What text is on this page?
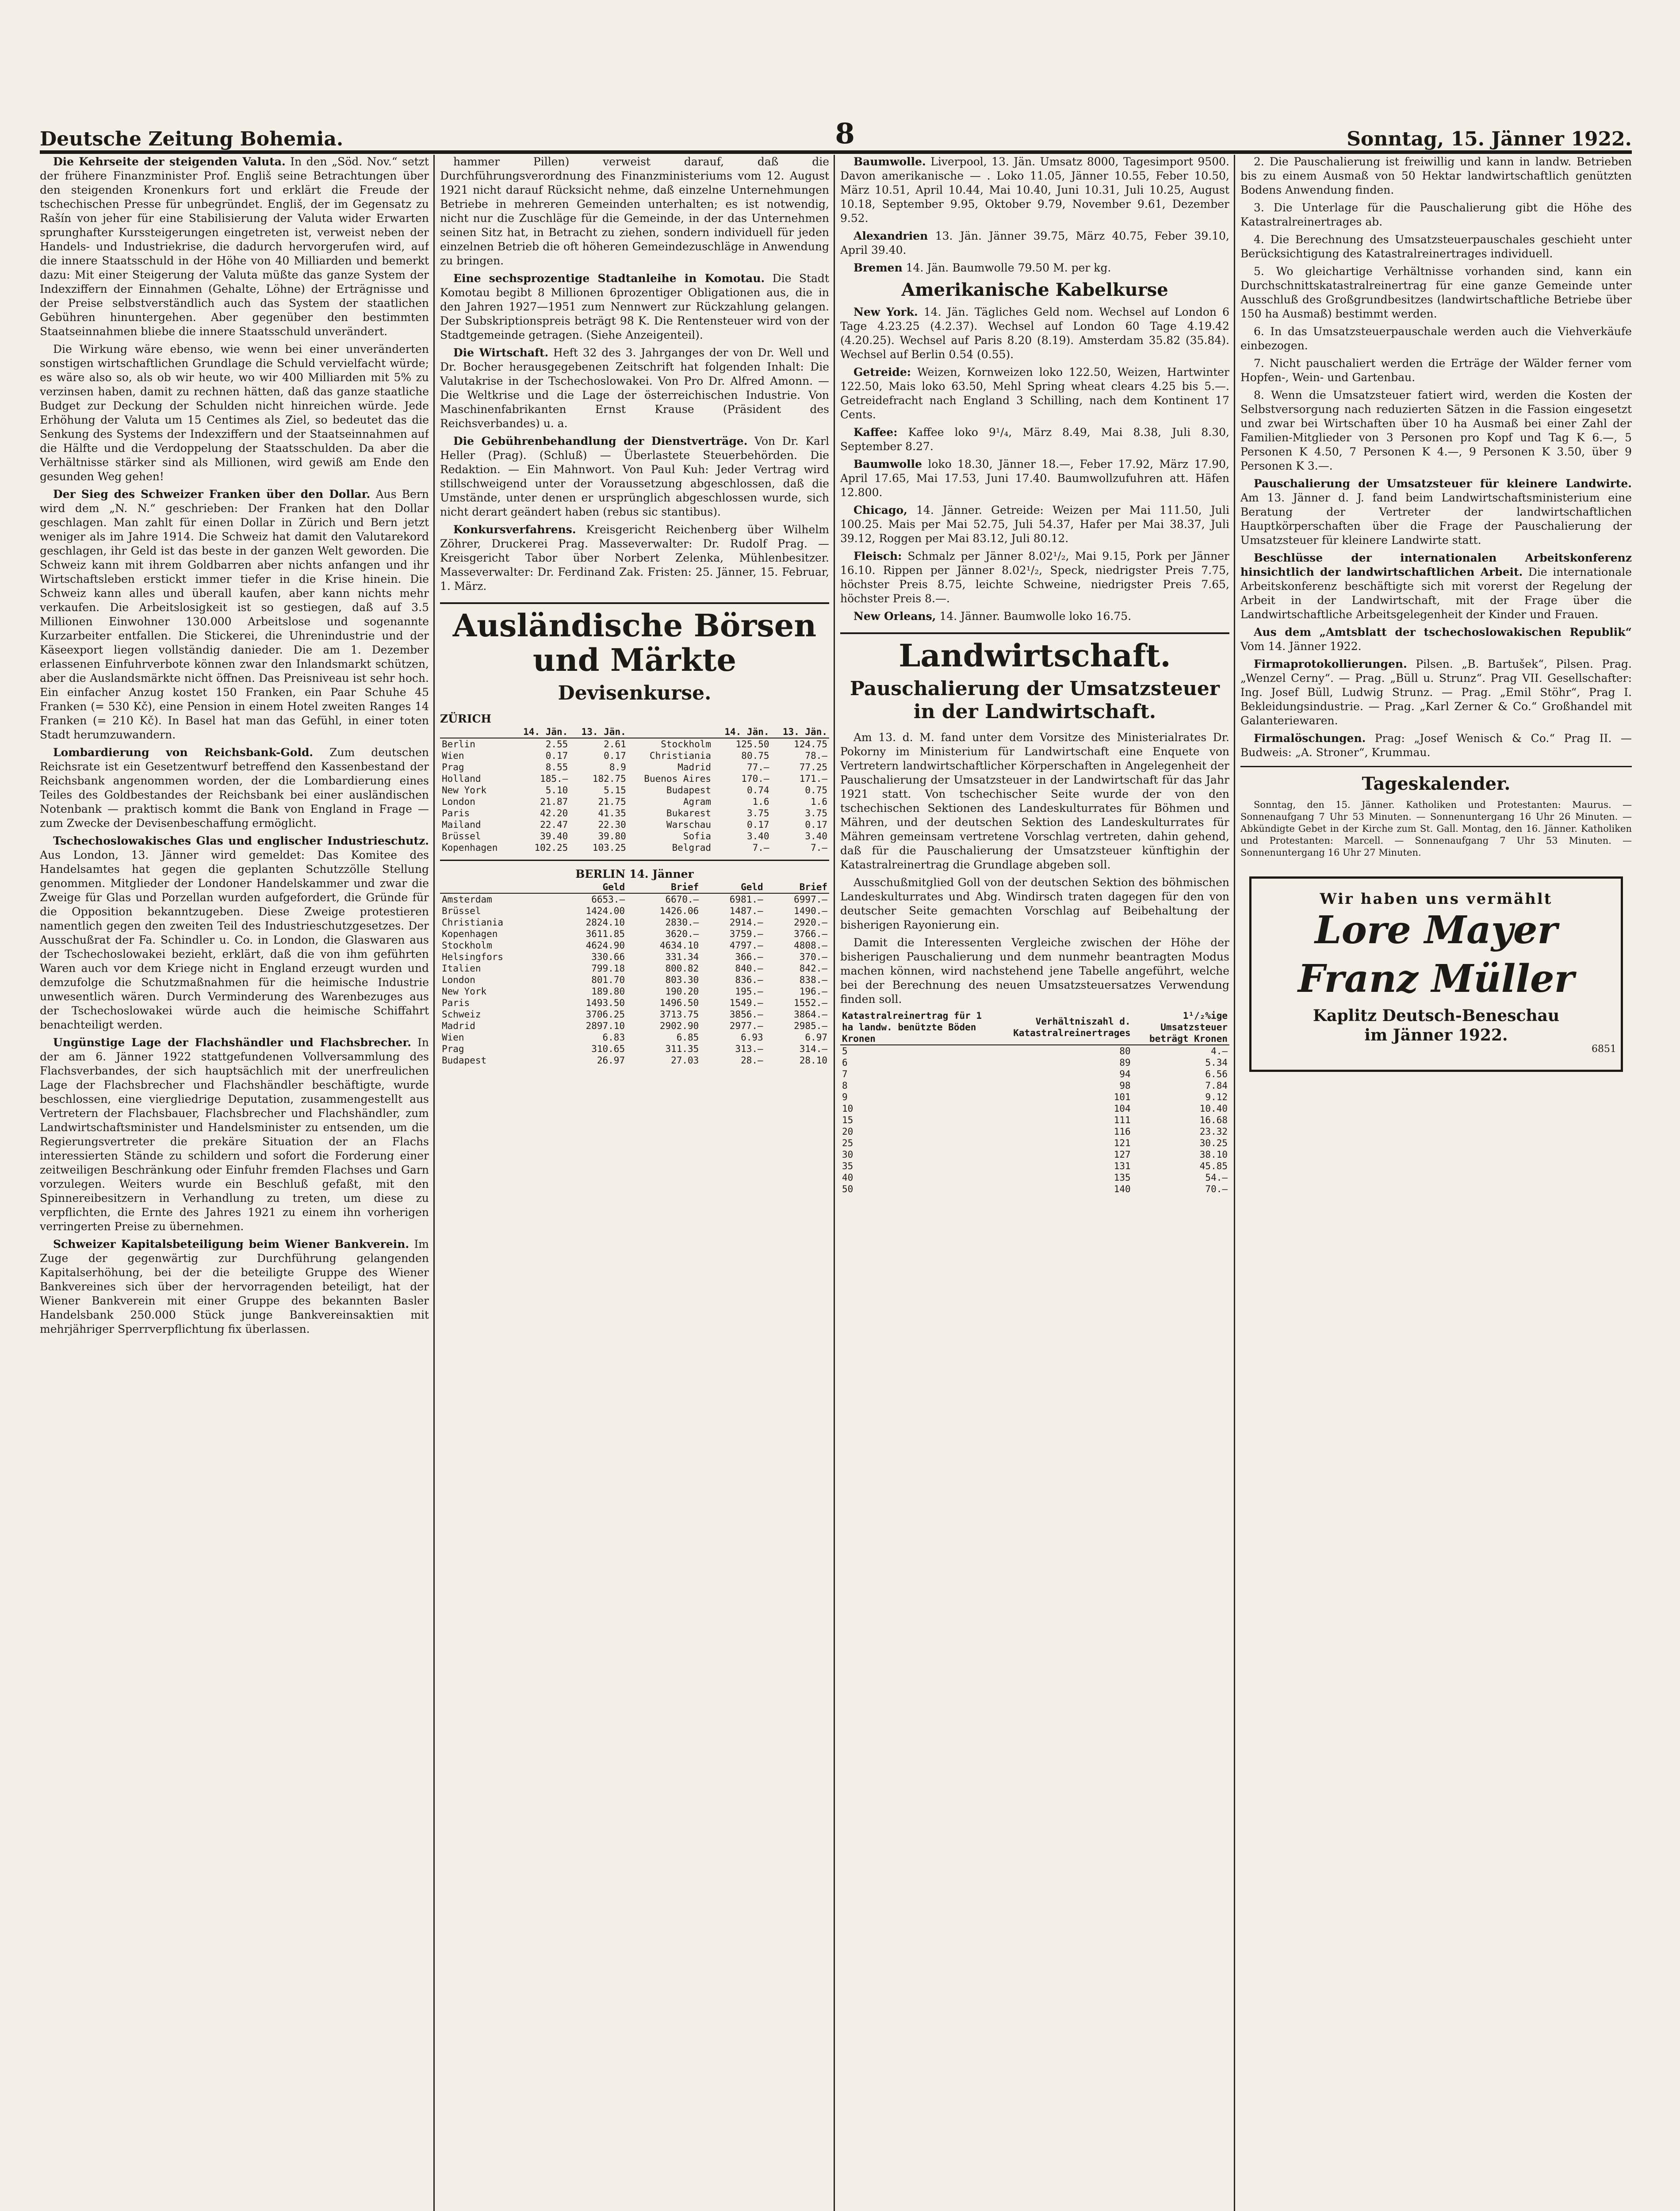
Deutsche Zeitung Bohemia.	8	Sonntag, 15. Jänner 1922.

Die Kehrseite der steigenden Valuta. In den „Söd. Nov.“ setzt der frühere Finanzminister Prof. Engliš seine Betrachtungen über den steigenden Kronenkurs fort und erklärt die Freude der tschechischen Presse für unbegründet. Engliš, der im Gegensatz zu Rašín von jeher für eine Stabilisierung der Valuta wider Erwarten sprunghafter Kurssteigerungen eingetreten ist, verweist neben der Handels- und Industriekrise, die dadurch hervorgerufen wird, auf die innere Staatsschuld in der Höhe von 40 Milliarden und bemerkt dazu: Mit einer Steigerung der Valuta müßte das ganze System der Indexziffern der Einnahmen (Gehalte, Löhne) der Erträgnisse und der Preise selbstverständlich auch das System der staatlichen Gebühren hinuntergehen. Aber gegenüber den bestimmten Staatseinnahmen bliebe die innere Staatsschuld unverändert.

Die Wirkung wäre ebenso, wie wenn bei einer unveränderten sonstigen wirtschaftlichen Grundlage die Schuld vervielfacht würde; es wäre also so, als ob wir heute, wo wir 400 Milliarden mit 5% zu verzinsen haben, damit zu rechnen hätten, daß das ganze staatliche Budget zur Deckung der Schulden nicht hinreichen würde. Jede Erhöhung der Valuta um 15 Centimes als Ziel, so bedeutet das die Senkung des Systems der Indexziffern und der Staatseinnahmen auf die Hälfte und die Verdoppelung der Staatsschulden. Da aber die Verhältnisse stärker sind als Millionen, wird gewiß am Ende den gesunden Weg gehen!

Der Sieg des Schweizer Franken über den Dollar. Aus Bern wird dem „N. N.“ geschrieben: Der Franken hat den Dollar geschlagen. Man zahlt für einen Dollar in Zürich und Bern jetzt weniger als im Jahre 1914. Die Schweiz hat damit den Valutarekord geschlagen, ihr Geld ist das beste in der ganzen Welt geworden. Die Schweiz kann mit ihrem Goldbarren aber nichts anfangen und ihr Wirtschaftsleben erstickt immer tiefer in die Krise hinein. Die Schweiz kann alles und überall kaufen, aber kann nichts mehr verkaufen. Die Arbeitslosigkeit ist so gestiegen, daß auf 3.5 Millionen Einwohner 130.000 Arbeitslose und sogenannte Kurzarbeiter entfallen. Die Stickerei, die Uhrenindustrie und der Käseexport liegen vollständig danieder. Die am 1. Dezember erlassenen Einfuhrverbote können zwar den Inlandsmarkt schützen, aber die Auslandsmärkte nicht öffnen. Das Preisniveau ist sehr hoch. Ein einfacher Anzug kostet 150 Franken, ein Paar Schuhe 45 Franken (= 530 Kč), eine Pension in einem Hotel zweiten Ranges 14 Franken (= 210 Kč). In Basel hat man das Gefühl, in einer toten Stadt herumzuwandern.

Lombardierung von Reichsbank-Gold. Zum deutschen Reichsrate ist ein Gesetzentwurf betreffend den Kassenbestand der Reichsbank angenommen worden, der die Lombardierung eines Teiles des Goldbestandes der Reichsbank bei einer ausländischen Notenbank — praktisch kommt die Bank von England in Frage — zum Zwecke der Devisenbeschaffung ermöglicht.

Tschechoslowakisches Glas und englischer Industrieschutz. Aus London, 13. Jänner wird gemeldet: Das Komitee des Handelsamtes hat gegen die geplanten Schutzzölle Stellung genommen. Mitglieder der Londoner Handelskammer und zwar die Zweige für Glas und Porzellan wurden aufgefordert, die Gründe für die Opposition bekanntzugeben. Diese Zweige protestieren namentlich gegen den zweiten Teil des Industrieschutzgesetzes. Der Ausschußrat der Fa. Schindler u. Co. in London, die Glaswaren aus der Tschechoslowakei bezieht, erklärt, daß die von ihm geführten Waren auch vor dem Kriege nicht in England erzeugt wurden und demzufolge die Schutzmaßnahmen für die heimische Industrie unwesentlich wären. Durch Verminderung des Warenbezuges aus der Tschechoslowakei würde auch die heimische Schiffahrt benachteiligt werden.

Ungünstige Lage der Flachshändler und Flachsbrecher. In der am 6. Jänner 1922 stattgefundenen Vollversammlung des Flachsverbandes, der sich hauptsächlich mit der unerfreulichen Lage der Flachsbrecher und Flachshändler beschäftigte, wurde beschlossen, eine viergliedrige Deputation, zusammengestellt aus Vertretern der Flachsbauer, Flachsbrecher und Flachshändler, zum Landwirtschaftsminister und Handelsminister zu entsenden, um die Regierungsvertreter die prekäre Situation der an Flachs interessierten Stände zu schildern und sofort die Forderung einer zeitweiligen Beschränkung oder Einfuhr fremden Flachses und Garn vorzulegen. Weiters wurde ein Beschluß gefaßt, mit den Spinnereibesitzern in Verhandlung zu treten, um diese zu verpflichten, die Ernte des Jahres 1921 zu einem ihn vorherigen verringerten Preise zu übernehmen.

Schweizer Kapitalsbeteiligung beim Wiener Bankverein. Im Zuge der gegenwärtig zur Durchführung gelangenden Kapitalserhöhung, bei der die beteiligte Gruppe des Wiener Bankvereines sich über der hervorragenden beteiligt, hat der Wiener Bankverein mit einer Gruppe des bekannten Basler Handelsbank 250.000 Stück junge Bankvereinsaktien mit mehrjähriger Sperrverpflichtung fix überlassen.

hammer Pillen) verweist darauf, daß die Durchführungsverordnung des Finanzministeriums vom 12. August 1921 nicht darauf Rücksicht nehme, daß einzelne Unternehmungen Betriebe in mehreren Gemeinden unterhalten; es ist notwendig, nicht nur die Zuschläge für die Gemeinde, in der das Unternehmen seinen Sitz hat, in Betracht zu ziehen, sondern individuell für jeden einzelnen Betrieb die oft höheren Gemeindezuschläge in Anwendung zu bringen.

Eine sechsprozentige Stadtanleihe in Komotau. Die Stadt Komotau begibt 8 Millionen 6prozentiger Obligationen aus, die in den Jahren 1927—1951 zum Nennwert zur Rückzahlung gelangen. Der Subskriptionspreis beträgt 98 K. Die Rentensteuer wird von der Stadtgemeinde getragen. (Siehe Anzeigenteil).

Die Wirtschaft. Heft 32 des 3. Jahrganges der von Dr. Well und Dr. Bocher herausgegebenen Zeitschrift hat folgenden Inhalt: Die Valutakrise in der Tschechoslowakei. Von Pro Dr. Alfred Amonn. — Die Weltkrise und die Lage der österreichischen Industrie. Von Maschinenfabrikanten Ernst Krause (Präsident des Reichsverbandes) u. a.

Die Gebührenbehandlung der Dienstverträge. Von Dr. Karl Heller (Prag). (Schluß) — Überlastete Steuerbehörden. Die Redaktion. — Ein Mahnwort. Von Paul Kuh: Jeder Vertrag wird stillschweigend unter der Voraussetzung abgeschlossen, daß die Umstände, unter denen er ursprünglich abgeschlossen wurde, sich nicht derart geändert haben (rebus sic stantibus).

Konkursverfahrens. Kreisgericht Reichenberg über Wilhelm Zöhrer, Druckerei Prag. Masseverwalter: Dr. Rudolf Prag. — Kreisgericht Tabor über Norbert Zelenka, Mühlenbesitzer. Masseverwalter: Dr. Ferdinand Zak. Fristen: 25. Jänner, 15. Februar, 1. März.

Ausländische Börsen und Märkte
Devisenkurse.
ZÜRICH
	14. Jän.	13. Jän.		14. Jän.	13. Jän.
Berlin	2.55	2.61	Stockholm	125.50	124.75
Wien	0.17	0.17	Christiania	80.75	78.—
Prag	8.55	8.9	Madrid	77.—	77.25
Holland	185.—	182.75	Buenos Aires	170.—	171.—
New York	5.10	5.15	Budapest	0.74	0.75
London	21.87	21.75	Agram	1.6	1.6
Paris	42.20	41.35	Bukarest	3.75	3.75
Mailand	22.47	22.30	Warschau	0.17	0.17
Brüssel	39.40	39.80	Sofia	3.40	3.40
Kopenhagen	102.25	103.25	Belgrad	7.—	7.—
BERLIN 14. Jänner
	Geld	Brief	Geld	Brief
Amsterdam	6653.—	6670.—	6981.—	6997.—
Brüssel	1424.00	1426.06	1487.—	1490.—
Christiania	2824.10	2830.—	2914.—	2920.—
Kopenhagen	3611.85	3620.—	3759.—	3766.—
Stockholm	4624.90	4634.10	4797.—	4808.—
Helsingfors	330.66	331.34	366.—	370.—
Italien	799.18	800.82	840.—	842.—
London	801.70	803.30	836.—	838.—
New York	189.80	190.20	195.—	196.—
Paris	1493.50	1496.50	1549.—	1552.—
Schweiz	3706.25	3713.75	3856.—	3864.—
Madrid	2897.10	2902.90	2977.—	2985.—
Wien	6.83	6.85	6.93	6.97
Prag	310.65	311.35	313.—	314.—
Budapest	26.97	27.03	28.—	28.10

Baumwolle. Liverpool, 13. Jän. Umsatz 8000, Tagesimport 9500. Davon amerikanische — . Loko 11.05, Jänner 10.55, Feber 10.50, März 10.51, April 10.44, Mai 10.40, Juni 10.31, Juli 10.25, August 10.18, September 9.95, Oktober 9.79, November 9.61, Dezember 9.52.

Alexandrien 13. Jän. Jänner 39.75, März 40.75, Feber 39.10, April 39.40.

Bremen 14. Jän. Baumwolle 79.50 M. per kg.

Amerikanische Kabelkurse

New York. 14. Jän. Tägliches Geld nom. Wechsel auf London 6 Tage 4.23.25 (4.2.37). Wechsel auf London 60 Tage 4.19.42 (4.20.25). Wechsel auf Paris 8.20 (8.19). Amsterdam 35.82 (35.84). Wechsel auf Berlin 0.54 (0.55).

Getreide: Weizen, Kornweizen loko 122.50, Weizen, Hartwinter 122.50, Mais loko 63.50, Mehl Spring wheat clears 4.25 bis 5.—. Getreidefracht nach England 3 Schilling, nach dem Kontinent 17 Cents.

Kaffee: Kaffee loko 9¹/₄, März 8.49, Mai 8.38, Juli 8.30, September 8.27.

Baumwolle loko 18.30, Jänner 18.—, Feber 17.92, März 17.90, April 17.65, Mai 17.53, Juni 17.40. Baumwollzufuhren att. Häfen 12.800.

Chicago, 14. Jänner. Getreide: Weizen per Mai 111.50, Juli 100.25. Mais per Mai 52.75, Juli 54.37, Hafer per Mai 38.37, Juli 39.12, Roggen per Mai 83.12, Juli 80.12.

Fleisch: Schmalz per Jänner 8.02¹/₂, Mai 9.15, Pork per Jänner 16.10. Rippen per Jänner 8.02¹/₂, Speck, niedrigster Preis 7.75, höchster Preis 8.75, leichte Schweine, niedrigster Preis 7.65, höchster Preis 8.—.

New Orleans, 14. Jänner. Baumwolle loko 16.75.

Landwirtschaft.
Pauschalierung der Umsatzsteuer in der Landwirtschaft.

Am 13. d. M. fand unter dem Vorsitze des Ministerialrates Dr. Pokorny im Ministerium für Landwirtschaft eine Enquete von Vertretern landwirtschaftlicher Körperschaften in Angelegenheit der Pauschalierung der Umsatzsteuer in der Landwirtschaft für das Jahr 1921 statt. Von tschechischer Seite wurde der von den tschechischen Sektionen des Landeskulturrates für Böhmen und Mähren, und der deutschen Sektion des Landeskulturrates für Mähren gemeinsam vertretene Vorschlag vertreten, dahin gehend, daß für die Pauschalierung der Umsatzsteuer künftighin der Katastralreinertrag die Grundlage abgeben soll.

Ausschußmitglied Goll von der deutschen Sektion des böhmischen Landeskulturrates und Abg. Windirsch traten dagegen für den von deutscher Seite gemachten Vorschlag auf Beibehaltung der bisherigen Rayonierung ein.

Damit die Interessenten Vergleiche zwischen der Höhe der bisherigen Pauschalierung und dem nunmehr beantragten Modus machen können, wird nachstehend jene Tabelle angeführt, welche bei der Berechnung des neuen Umsatzsteuersatzes Verwendung finden soll.

Katastralreinertrag für 1 ha landw. benützte Böden Kronen	Verhältniszahl d. Katastralreinertrages	1¹/₂%ige Umsatzsteuer beträgt Kronen
5	80	4.—
6	89	5.34
7	94	6.56
8	98	7.84
9	101	9.12
10	104	10.40
15	111	16.68
20	116	23.32
25	121	30.25
30	127	38.10
35	131	45.85
40	135	54.—
50	140	70.—

2. Die Pauschalierung ist freiwillig und kann in landw. Betrieben bis zu einem Ausmaß von 50 Hektar landwirtschaftlich genützten Bodens Anwendung finden.

3. Die Unterlage für die Pauschalierung gibt die Höhe des Katastralreinertrages ab.

4. Die Berechnung des Umsatzsteuerpauschales geschieht unter Berücksichtigung des Katastralreinertrages individuell.

5. Wo gleichartige Verhältnisse vorhanden sind, kann ein Durchschnittskatastralreinertrag für eine ganze Gemeinde unter Ausschluß des Großgrundbesitzes (landwirtschaftliche Betriebe über 150 ha Ausmaß) bestimmt werden.

6. In das Umsatzsteuerpauschale werden auch die Viehverkäufe einbezogen.

7. Nicht pauschaliert werden die Erträge der Wälder ferner vom Hopfen-, Wein- und Gartenbau.

8. Wenn die Umsatzsteuer fatiert wird, werden die Kosten der Selbstversorgung nach reduzierten Sätzen in die Fassion eingesetzt und zwar bei Wirtschaften über 10 ha Ausmaß bei einer Zahl der Familien-Mitglieder von 3 Personen pro Kopf und Tag K 6.—, 5 Personen K 4.50, 7 Personen K 4.—, 9 Personen K 3.50, über 9 Personen K 3.—.

Pauschalierung der Umsatzsteuer für kleinere Landwirte. Am 13. Jänner d. J. fand beim Landwirtschaftsministerium eine Beratung der Vertreter der landwirtschaftlichen Hauptkörperschaften über die Frage der Pauschalierung der Umsatzsteuer für kleinere Landwirte statt.

Beschlüsse der internationalen Arbeitskonferenz hinsichtlich der landwirtschaftlichen Arbeit. Die internationale Arbeitskonferenz beschäftigte sich mit vorerst der Regelung der Arbeit in der Landwirtschaft, mit der Frage über die Landwirtschaftliche Arbeitsgelegenheit der Kinder und Frauen.

Aus dem „Amtsblatt der tschechoslowakischen Republik“ Vom 14. Jänner 1922.

Firmaprotokollierungen. Pilsen. „B. Bartušek“, Pilsen. Prag. „Wenzel Cerny“. — Prag. „Büll u. Strunz“. Prag VII. Gesellschafter: Ing. Josef Büll, Ludwig Strunz. — Prag. „Emil Stöhr“, Prag I. Bekleidungsindustrie. — Prag. „Karl Zerner & Co.“ Großhandel mit Galanteriewaren.

Firmalöschungen. Prag: „Josef Wenisch & Co.“ Prag II. — Budweis: „A. Stroner“, Krummau.

Tageskalender.

Sonntag, den 15. Jänner. Katholiken und Protestanten: Maurus. — Sonnenaufgang 7 Uhr 53 Minuten. — Sonnenuntergang 16 Uhr 26 Minuten. — Abkündigte Gebet in der Kirche zum St. Gall. Montag, den 16. Jänner. Katholiken und Protestanten: Marcell. — Sonnenaufgang 7 Uhr 53 Minuten. — Sonnenuntergang 16 Uhr 27 Minuten.

Wir haben uns vermählt
Lore Mayer
Franz Müller
Kaplitz Deutsch-Beneschau
im Jänner 1922.
6851
